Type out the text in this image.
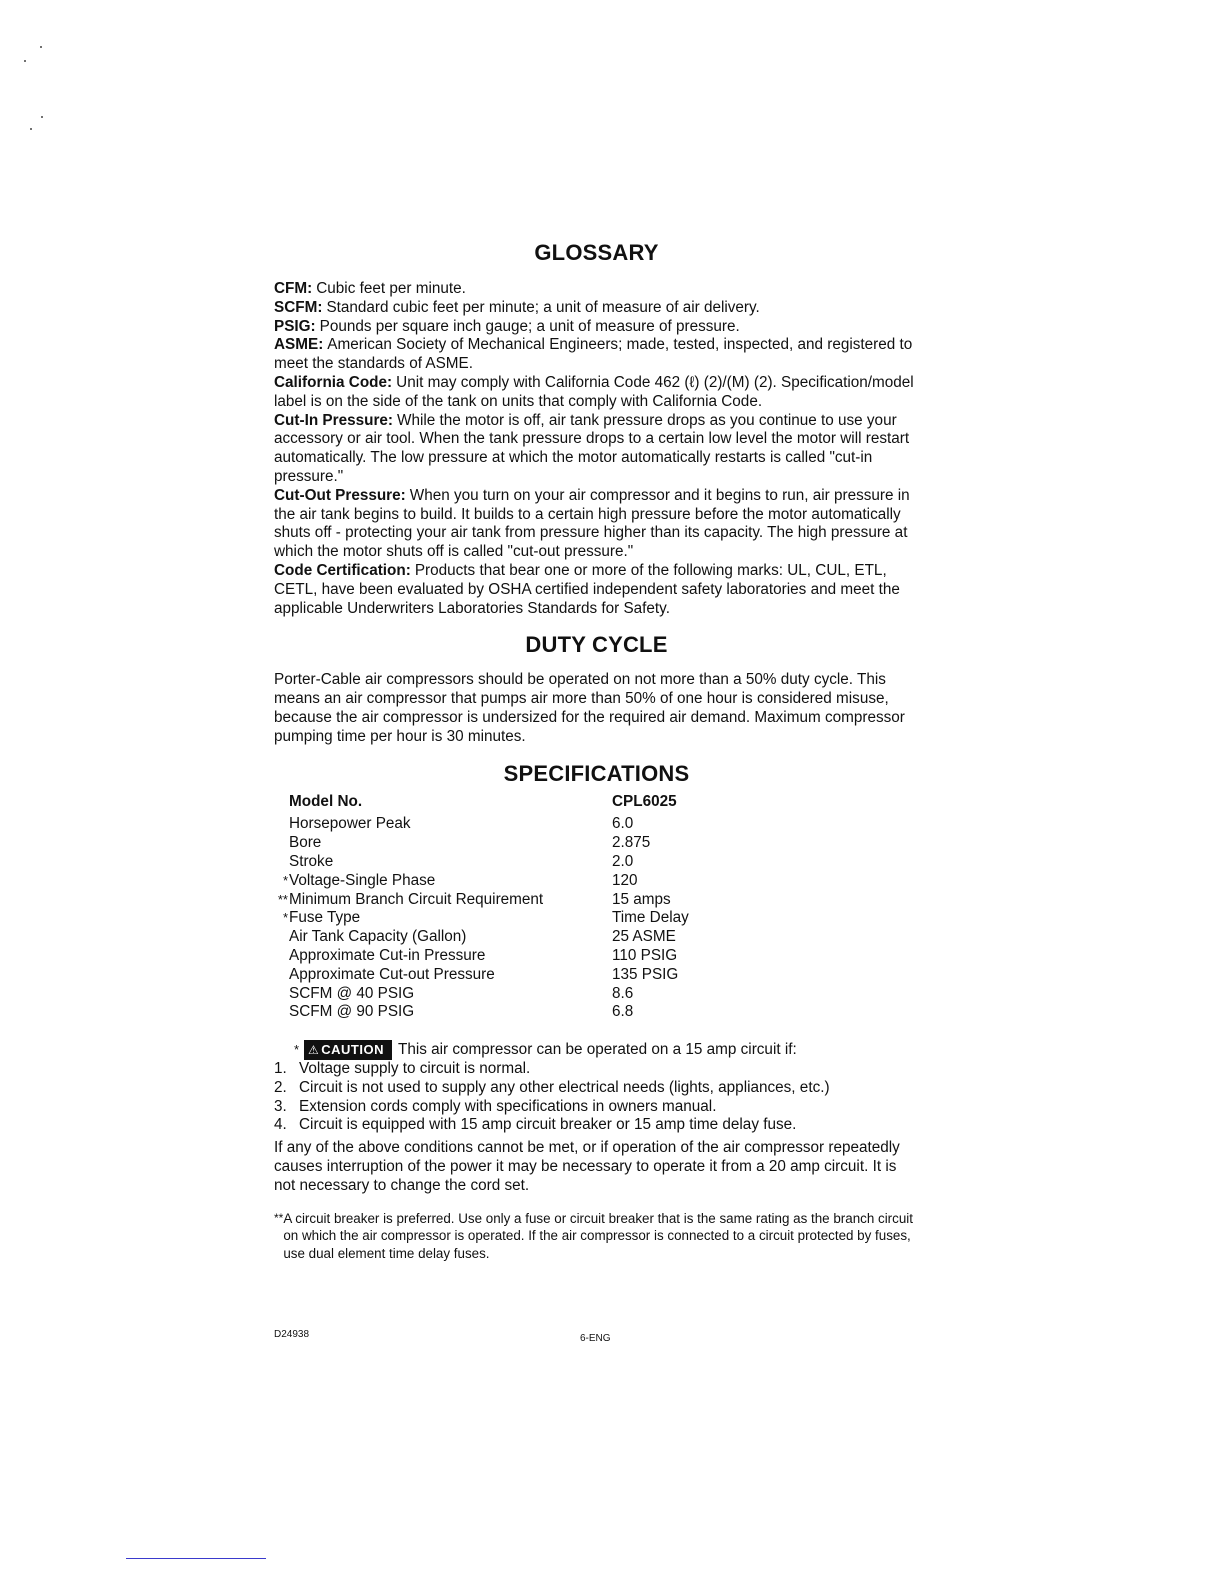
GLOSSARY

CFM: Cubic feet per minute.

SCFM: Standard cubic feet per minute; a unit of measure of air delivery.

PSIG: Pounds per square inch gauge; a unit of measure of pressure.

ASME: American Society of Mechanical Engineers; made, tested, inspected, and registered to meet the standards of ASME.

California Code: Unit may comply with California Code 462 (ℓ) (2)/(M) (2). Specification/model label is on the side of the tank on units that comply with California Code.

Cut-In Pressure: While the motor is off, air tank pressure drops as you continue to use your accessory or air tool. When the tank pressure drops to a certain low level the motor will restart automatically. The low pressure at which the motor automatically restarts is called "cut-in pressure."

Cut-Out Pressure: When you turn on your air compressor and it begins to run, air pressure in the air tank begins to build. It builds to a certain high pressure before the motor automatically shuts off - protecting your air tank from pressure higher than its capacity. The high pressure at which the motor shuts off is called "cut-out pressure."

Code Certification: Products that bear one or more of the following marks: UL, CUL, ETL, CETL, have been evaluated by OSHA certified independent safety laboratories and meet the applicable Underwriters Laboratories Standards for Safety.

DUTY CYCLE

Porter-Cable air compressors should be operated on not more than a 50% duty cycle. This means an air compressor that pumps air more than 50% of one hour is considered misuse, because the air compressor is undersized for the required air demand. Maximum compressor pumping time per hour is 30 minutes.

SPECIFICATIONS
Model No.	CPL6025
Horsepower Peak	6.0
Bore	2.875
Stroke	2.0
* Voltage-Single Phase	120
** Minimum Branch Circuit Requirement	15 amps
* Fuse Type	Time Delay
Air Tank Capacity (Gallon)	25 ASME
Approximate Cut-in Pressure	110 PSIG
Approximate Cut-out Pressure	135 PSIG
SCFM @ 40 PSIG	8.6
SCFM @ 90 PSIG	6.8
* ⚠ CAUTION This air compressor can be operated on a 15 amp circuit if:
1. Voltage supply to circuit is normal.
2. Circuit is not used to supply any other electrical needs (lights, appliances, etc.)
3. Extension cords comply with specifications in owners manual.
4. Circuit is equipped with 15 amp circuit breaker or 15 amp time delay fuse.

If any of the above conditions cannot be met, or if operation of the air compressor repeatedly causes interruption of the power it may be necessary to operate it from a 20 amp circuit. It is not necessary to change the cord set.

** A circuit breaker is preferred. Use only a fuse or circuit breaker that is the same rating as the branch circuit on which the air compressor is operated. If the air compressor is connected to a circuit protected by fuses, use dual element time delay fuses.
D24938	6-ENG
